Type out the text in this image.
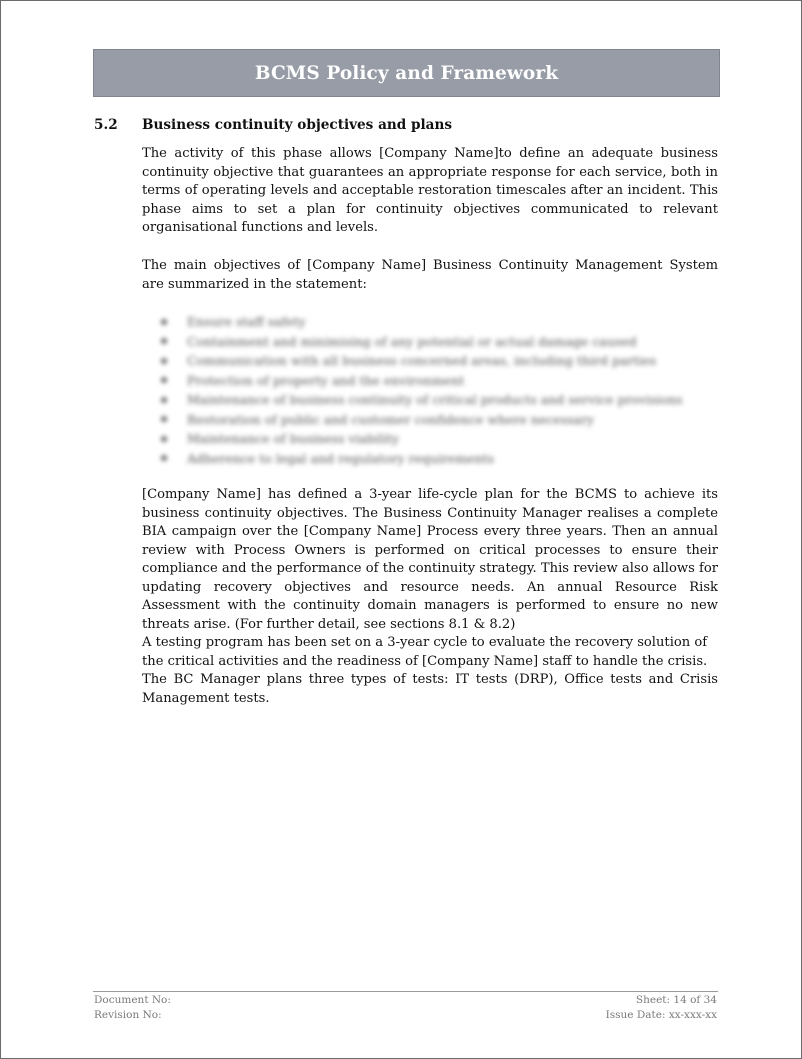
BCMS Policy and Framework
5.2 Business continuity objectives and plans

The activity of this phase allows [Company Name]to define an adequate business continuity objective that guarantees an appropriate response for each service, both in terms of operating levels and acceptable restoration timescales after an incident. This phase aims to set a plan for continuity objectives communicated to relevant organisational functions and levels.

The main objectives of [Company Name] Business Continuity Management System are summarized in the statement:

Ensure staff safety
Containment and minimising of any potential or actual damage caused
Communication with all business concerned areas, including third parties
Protection of property and the environment
Maintenance of business continuity of critical products and service provisions
Restoration of public and customer confidence where necessary
Maintenance of business viability
Adherence to legal and regulatory requirements

[Company Name] has defined a 3-year life-cycle plan for the BCMS to achieve its business continuity objectives. The Business Continuity Manager realises a complete BIA campaign over the [Company Name] Process every three years. Then an annual review with Process Owners is performed on critical processes to ensure their compliance and the performance of the continuity strategy. This review also allows for updating recovery objectives and resource needs. An annual Resource Risk Assessment with the continuity domain managers is performed to ensure no new threats arise. (For further detail, see sections 8.1 & 8.2)

A testing program has been set on a 3-year cycle to evaluate the recovery solution of the critical activities and the readiness of [Company Name] staff to handle the crisis.

The BC Manager plans three types of tests: IT tests (DRP), Office tests and Crisis Management tests.

Document No:
Revision No:
Sheet: 14 of 34
Issue Date: xx-xxx-xx
